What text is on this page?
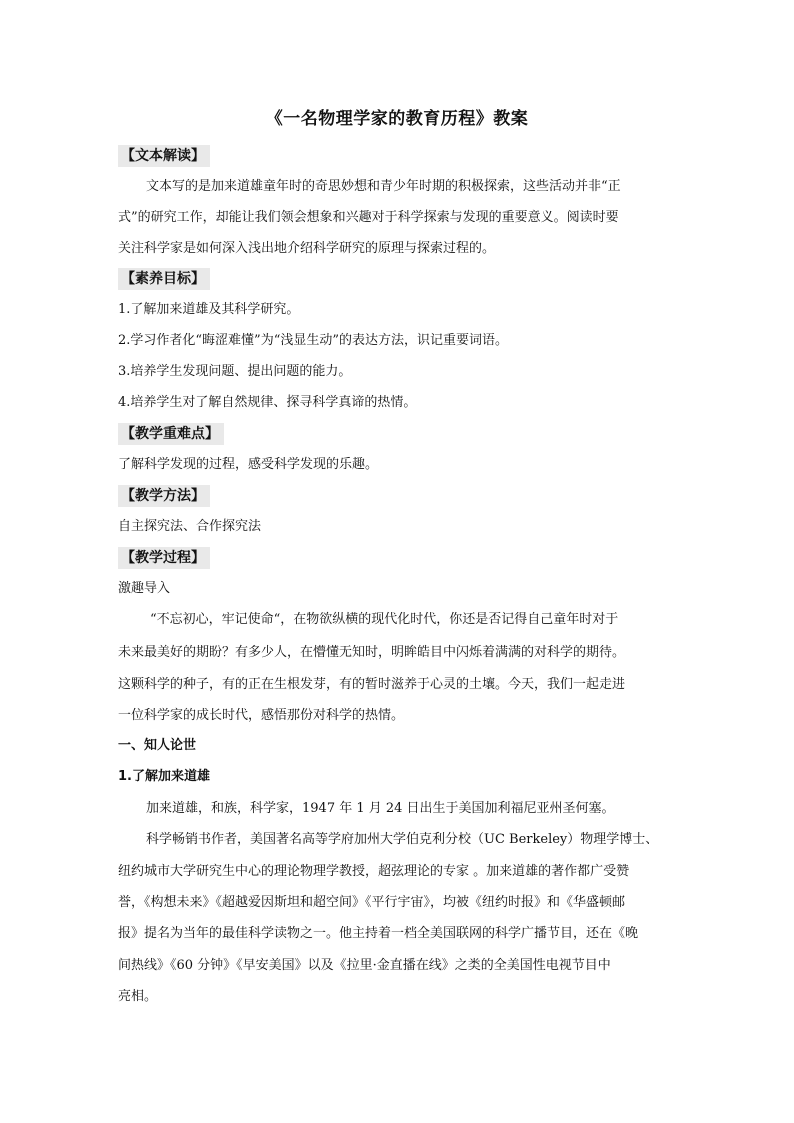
《一名物理学家的教育历程》教案
【文本解读】
文本写的是加来道雄童年时的奇思妙想和青少年时期的积极探索，这些活动并非“正
式”的研究工作，却能让我们领会想象和兴趣对于科学探索与发现的重要意义。阅读时要
关注科学家是如何深入浅出地介绍科学研究的原理与探索过程的。
【素养目标】
1.了解加来道雄及其科学研究。
2.学习作者化“晦涩难懂”为“浅显生动”的表达方法，识记重要词语。
3.培养学生发现问题、提出问题的能力。
4.培养学生对了解自然规律、探寻科学真谛的热情。
【教学重难点】
了解科学发现的过程，感受科学发现的乐趣。
【教学方法】
自主探究法、合作探究法
【教学过程】
激趣导入
“不忘初心，牢记使命“，在物欲纵横的现代化时代，你还是否记得自己童年时对于
未来最美好的期盼？有多少人，在懵懂无知时，明眸皓目中闪烁着满满的对科学的期待。
这颗科学的种子，有的正在生根发芽，有的暂时滋养于心灵的土壤。今天，我们一起走进
一位科学家的成长时代，感悟那份对科学的热情。
一、知人论世
1.了解加来道雄
加来道雄，和族，科学家，1947 年 1 月 24 日出生于美国加利福尼亚州圣何塞。
科学畅销书作者，美国著名高等学府加州大学伯克利分校（UC Berkeley）物理学博士、
纽约城市大学研究生中心的理论物理学教授，超弦理论的专家 。加来道雄的著作都广受赞
誉，《构想未来》《超越爱因斯坦和超空间》《平行宇宙》，均被《纽约时报》和《华盛顿邮
报》提名为当年的最佳科学读物之一。他主持着一档全美国联网的科学广播节目，还在《晚
间热线》《60 分钟》《早安美国》以及《拉里·金直播在线》之类的全美国性电视节目中
亮相。
